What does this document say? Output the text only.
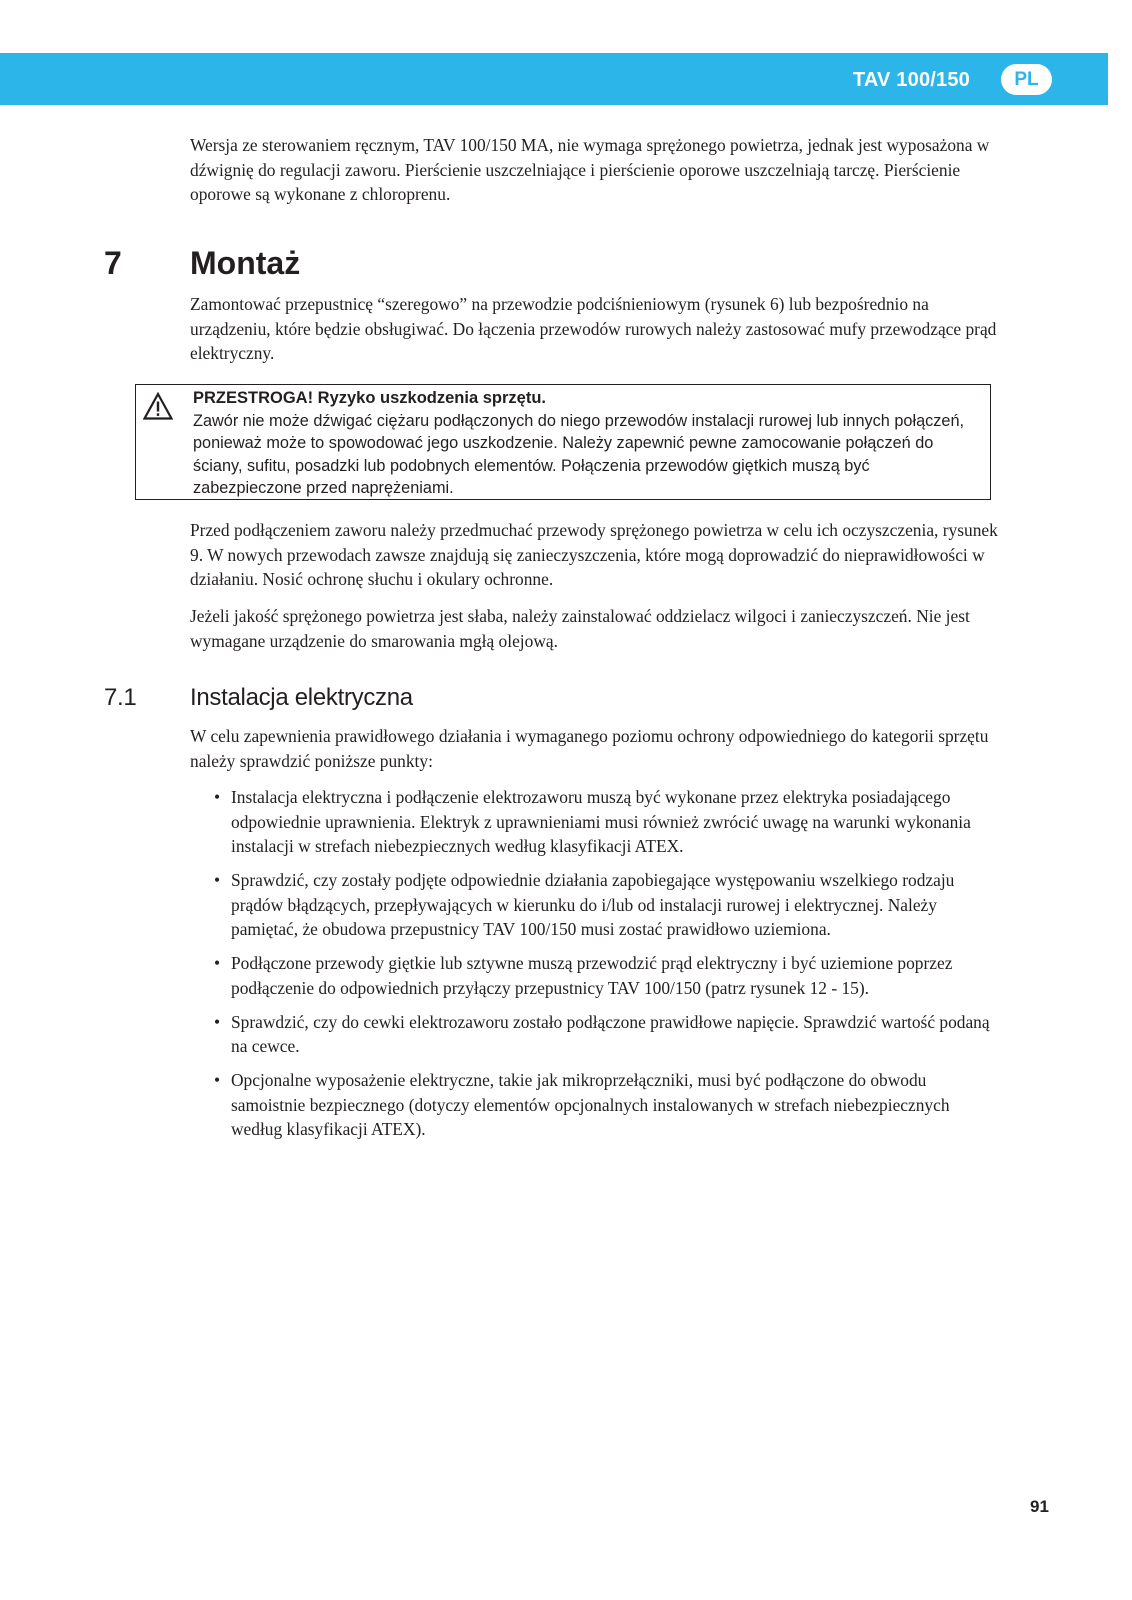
TAV 100/150	PL

Wersja ze sterowaniem ręcznym, TAV 100/150 MA, nie wymaga sprężonego powietrza, jednak jest wyposażona w dźwignię do regulacji zaworu. Pierścienie uszczelniające i pierścienie oporowe uszczelniają tarczę. Pierścienie oporowe są wykonane z chloroprenu.

7 Montaż

Zamontować przepustnicę “szeregowo” na przewodzie podciśnieniowym (rysunek 6) lub bezpośrednio na urządzeniu, które będzie obsługiwać. Do łączenia przewodów rurowych należy zastosować mufy przewodzące prąd elektryczny.

PRZESTROGA! Ryzyko uszkodzenia sprzętu.
Zawór nie może dźwigać ciężaru podłączonych do niego przewodów instalacji rurowej lub innych połączeń, ponieważ może to spowodować jego uszkodzenie. Należy zapewnić pewne zamocowanie połączeń do ściany, sufitu, posadzki lub podobnych elementów. Połączenia przewodów giętkich muszą być zabezpieczone przed naprężeniami.

Przed podłączeniem zaworu należy przedmuchać przewody sprężonego powietrza w celu ich oczyszczenia, rysunek 9. W nowych przewodach zawsze znajdują się zanieczyszczenia, które mogą doprowadzić do nieprawidłowości w działaniu. Nosić ochronę słuchu i okulary ochronne.

Jeżeli jakość sprężonego powietrza jest słaba, należy zainstalować oddzielacz wilgoci i zanieczyszczeń. Nie jest wymagane urządzenie do smarowania mgłą olejową.

7.1 Instalacja elektryczna

W celu zapewnienia prawidłowego działania i wymaganego poziomu ochrony odpowiedniego do kategorii sprzętu należy sprawdzić poniższe punkty:

• Instalacja elektryczna i podłączenie elektrozaworu muszą być wykonane przez elektryka posiadającego odpowiednie uprawnienia. Elektryk z uprawnieniami musi również zwrócić uwagę na warunki wykonania instalacji w strefach niebezpiecznych według klasyfikacji ATEX.
• Sprawdzić, czy zostały podjęte odpowiednie działania zapobiegające występowaniu wszelkiego rodzaju prądów błądzących, przepływających w kierunku do i/lub od instalacji rurowej i elektrycznej. Należy pamiętać, że obudowa przepustnicy TAV 100/150 musi zostać prawidłowo uziemiona.
• Podłączone przewody giętkie lub sztywne muszą przewodzić prąd elektryczny i być uziemione poprzez podłączenie do odpowiednich przyłączy przepustnicy TAV 100/150 (patrz rysunek 12 - 15).
• Sprawdzić, czy do cewki elektrozaworu zostało podłączone prawidłowe napięcie. Sprawdzić wartość podaną na cewce.
• Opcjonalne wyposażenie elektryczne, takie jak mikroprzełączniki, musi być podłączone do obwodu samoistnie bezpiecznego (dotyczy elementów opcjonalnych instalowanych w strefach niebezpiecznych według klasyfikacji ATEX).
91
